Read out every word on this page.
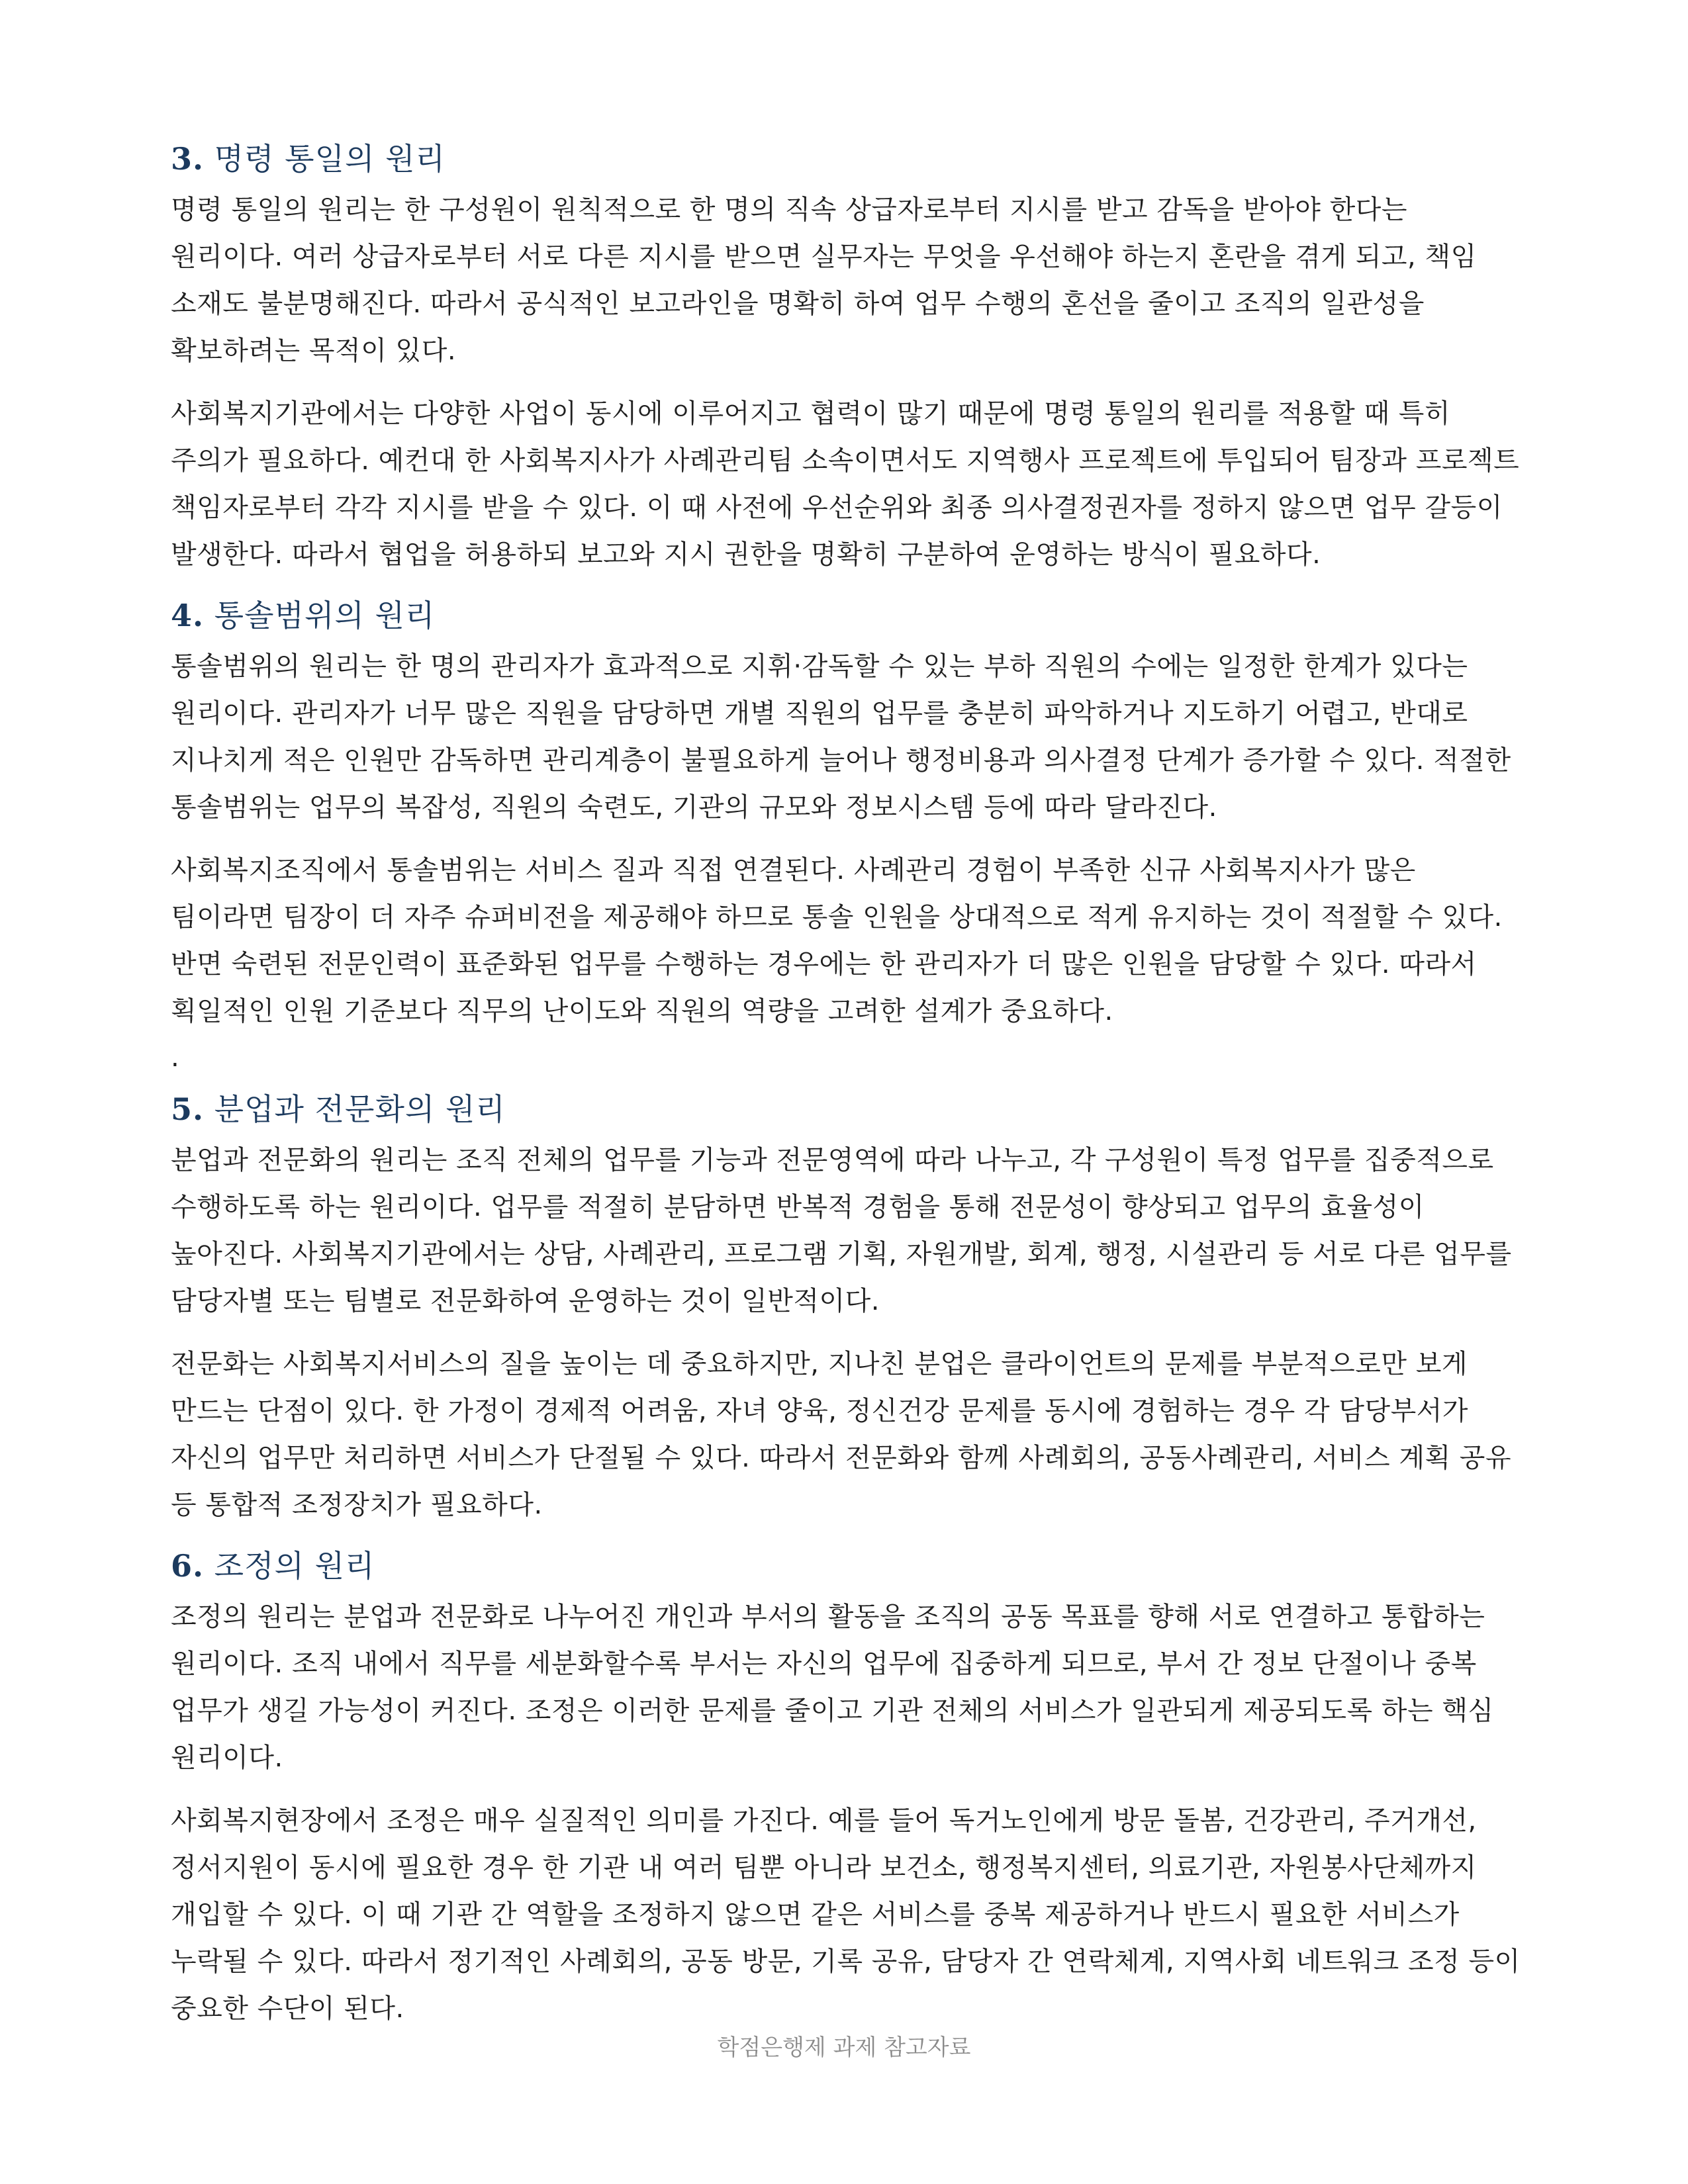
3. 명령 통일의 원리

명령 통일의 원리는 한 구성원이 원칙적으로 한 명의 직속 상급자로부터 지시를 받고 감독을 받아야 한다는 원리이다. 여러 상급자로부터 서로 다른 지시를 받으면 실무자는 무엇을 우선해야 하는지 혼란을 겪게 되고, 책임 소재도 불분명해진다. 따라서 공식적인 보고라인을 명확히 하여 업무 수행의 혼선을 줄이고 조직의 일관성을 확보하려는 목적이 있다.

사회복지기관에서는 다양한 사업이 동시에 이루어지고 협력이 많기 때문에 명령 통일의 원리를 적용할 때 특히 주의가 필요하다. 예컨대 한 사회복지사가 사례관리팀 소속이면서도 지역행사 프로젝트에 투입되어 팀장과 프로젝트 책임자로부터 각각 지시를 받을 수 있다. 이 때 사전에 우선순위와 최종 의사결정권자를 정하지 않으면 업무 갈등이 발생한다. 따라서 협업을 허용하되 보고와 지시 권한을 명확히 구분하여 운영하는 방식이 필요하다.

4. 통솔범위의 원리

통솔범위의 원리는 한 명의 관리자가 효과적으로 지휘·감독할 수 있는 부하 직원의 수에는 일정한 한계가 있다는 원리이다. 관리자가 너무 많은 직원을 담당하면 개별 직원의 업무를 충분히 파악하거나 지도하기 어렵고, 반대로 지나치게 적은 인원만 감독하면 관리계층이 불필요하게 늘어나 행정비용과 의사결정 단계가 증가할 수 있다. 적절한 통솔범위는 업무의 복잡성, 직원의 숙련도, 기관의 규모와 정보시스템 등에 따라 달라진다.

사회복지조직에서 통솔범위는 서비스 질과 직접 연결된다. 사례관리 경험이 부족한 신규 사회복지사가 많은 팀이라면 팀장이 더 자주 슈퍼비전을 제공해야 하므로 통솔 인원을 상대적으로 적게 유지하는 것이 적절할 수 있다. 반면 숙련된 전문인력이 표준화된 업무를 수행하는 경우에는 한 관리자가 더 많은 인원을 담당할 수 있다. 따라서 획일적인 인원 기준보다 직무의 난이도와 직원의 역량을 고려한 설계가 중요하다.

.
5. 분업과 전문화의 원리

분업과 전문화의 원리는 조직 전체의 업무를 기능과 전문영역에 따라 나누고, 각 구성원이 특정 업무를 집중적으로 수행하도록 하는 원리이다. 업무를 적절히 분담하면 반복적 경험을 통해 전문성이 향상되고 업무의 효율성이 높아진다. 사회복지기관에서는 상담, 사례관리, 프로그램 기획, 자원개발, 회계, 행정, 시설관리 등 서로 다른 업무를 담당자별 또는 팀별로 전문화하여 운영하는 것이 일반적이다.

전문화는 사회복지서비스의 질을 높이는 데 중요하지만, 지나친 분업은 클라이언트의 문제를 부분적으로만 보게 만드는 단점이 있다. 한 가정이 경제적 어려움, 자녀 양육, 정신건강 문제를 동시에 경험하는 경우 각 담당부서가 자신의 업무만 처리하면 서비스가 단절될 수 있다. 따라서 전문화와 함께 사례회의, 공동사례관리, 서비스 계획 공유 등 통합적 조정장치가 필요하다.

6. 조정의 원리

조정의 원리는 분업과 전문화로 나누어진 개인과 부서의 활동을 조직의 공동 목표를 향해 서로 연결하고 통합하는 원리이다. 조직 내에서 직무를 세분화할수록 부서는 자신의 업무에 집중하게 되므로, 부서 간 정보 단절이나 중복 업무가 생길 가능성이 커진다. 조정은 이러한 문제를 줄이고 기관 전체의 서비스가 일관되게 제공되도록 하는 핵심 원리이다.

사회복지현장에서 조정은 매우 실질적인 의미를 가진다. 예를 들어 독거노인에게 방문 돌봄, 건강관리, 주거개선, 정서지원이 동시에 필요한 경우 한 기관 내 여러 팀뿐 아니라 보건소, 행정복지센터, 의료기관, 자원봉사단체까지 개입할 수 있다. 이 때 기관 간 역할을 조정하지 않으면 같은 서비스를 중복 제공하거나 반드시 필요한 서비스가 누락될 수 있다. 따라서 정기적인 사례회의, 공동 방문, 기록 공유, 담당자 간 연락체계, 지역사회 네트워크 조정 등이 중요한 수단이 된다.

학점은행제 과제 참고자료
